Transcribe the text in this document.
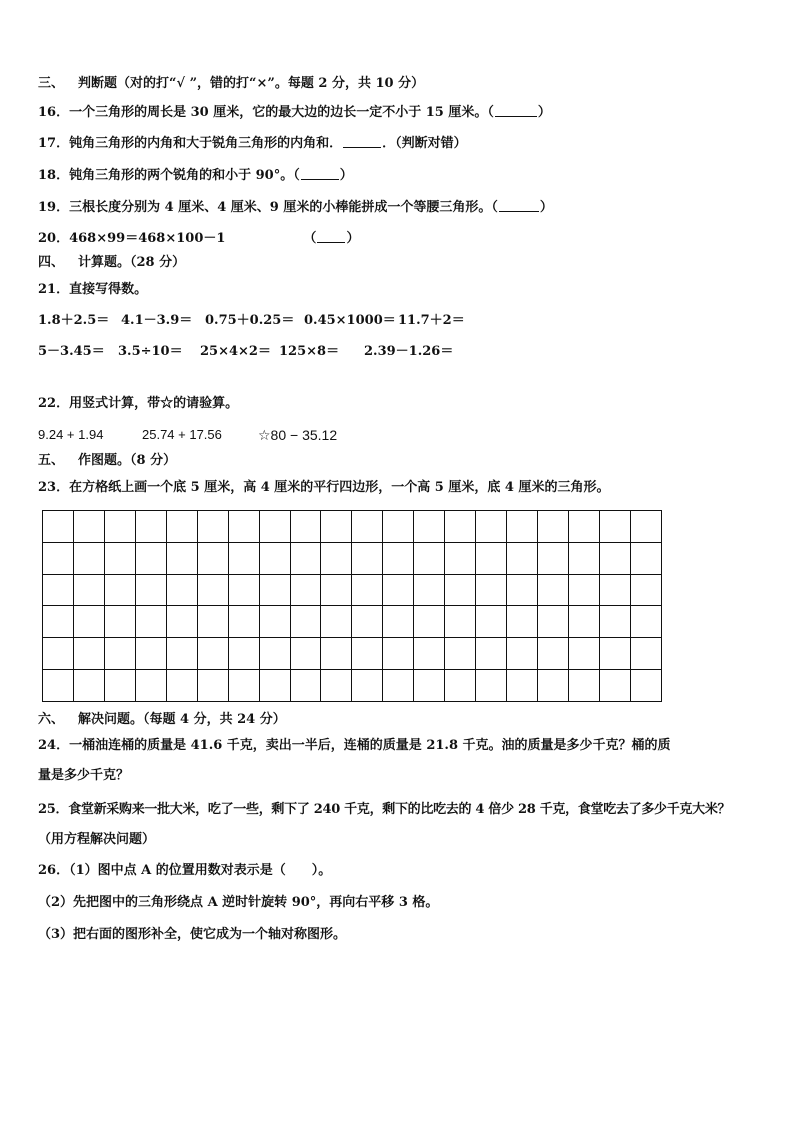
三、 判断题（对的打“√ ”，错的打“×”。每题 2 分，共 10 分）
16．一个三角形的周长是 30 厘米，它的最大边的边长一定不小于 15 厘米。（	）
17．钝角三角形的内角和大于锐角三角形的内角和．	．（判断对错）
18．钝角三角形的两个锐角的和小于 90°。（	）
19．三根长度分别为 4 厘米、4 厘米、9 厘米的小棒能拼成一个等腰三角形。（	）
20．468×99＝468×100－1	（ ）
四、 计算题。（28 分）
21．直接写得数。
1.8＋2.5＝ 4.1－3.9＝ 0.75＋0.25＝ 0.45×1000＝ 11.7＋2＝
5－3.45＝ 3.5÷10＝ 25×4×2＝ 125×8＝ 2.39－1.26＝
22．用竖式计算，带☆的请验算。
9.24 + 1.94	25.74 + 17.56	☆80 − 35.12
五、 作图题。（8 分）
23．在方格纸上画一个底 5 厘米，高 4 厘米的平行四边形，一个高 5 厘米，底 4 厘米的三角形。

六、 解决问题。（每题 4 分，共 24 分）
24．一桶油连桶的质量是 41.6 千克，卖出一半后，连桶的质量是 21.8 千克。油的质量是多少千克？桶的质
量是多少千克？
25．食堂新采购来一批大米，吃了一些，剩下了 240 千克，剩下的比吃去的 4 倍少 28 千克，食堂吃去了多少千克大米？
（用方程解决问题）
26．（1）图中点 A 的位置用数对表示是（　　）。
（2）先把图中的三角形绕点 A 逆时针旋转 90°，再向右平移 3 格。
（3）把右面的图形补全，使它成为一个轴对称图形。
